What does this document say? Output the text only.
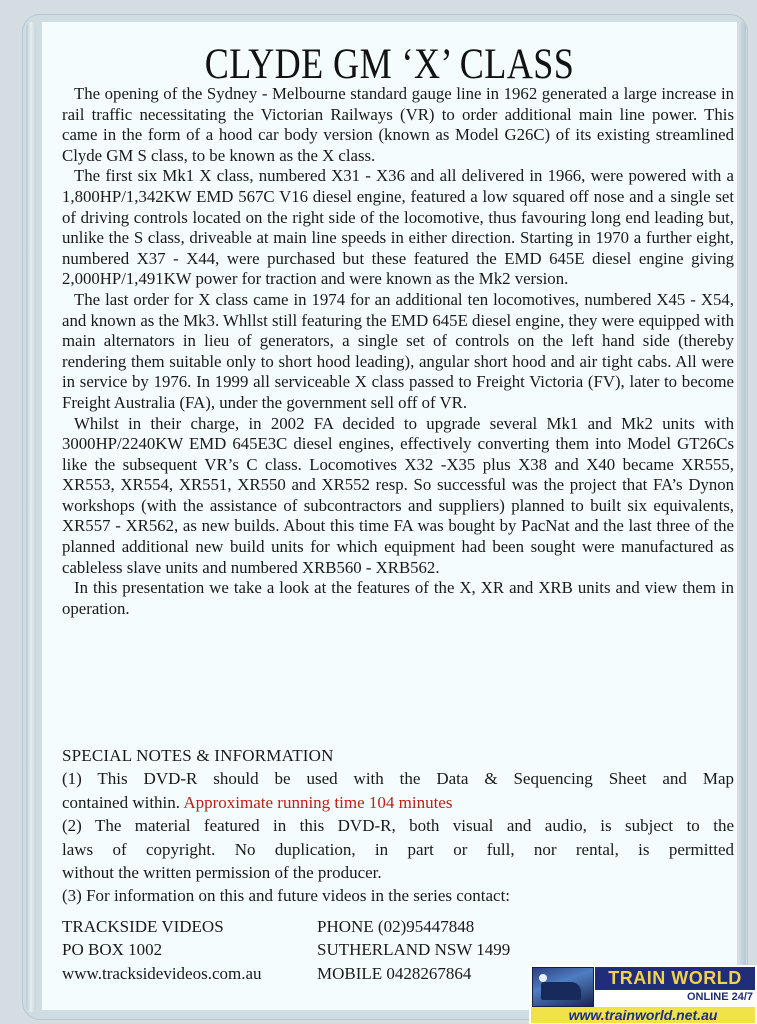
CLYDE GM ‘X’ CLASS

The opening of the Sydney - Melbourne standard gauge line in 1962 generated a large increase in rail traffic necessitating the Victorian Railways (VR) to order additional main line power. This came in the form of a hood car body version (known as Model G26C) of its existing streamlined Clyde GM S class, to be known as the X class.

The first six Mk1 X class, numbered X31 - X36 and all delivered in 1966, were powered with a 1,800HP/1,342KW EMD 567C V16 diesel engine, featured a low squared off nose and a single set of driving controls located on the right side of the locomotive, thus favouring long end leading but, unlike the S class, driveable at main line speeds in either direction. Starting in 1970 a further eight, numbered X37 - X44, were purchased but these featured the EMD 645E diesel engine giving 2,000HP/1,491KW power for traction and were known as the Mk2 version.

The last order for X class came in 1974 for an additional ten locomotives, numbered X45 - X54, and known as the Mk3. Whllst still featuring the EMD 645E diesel engine, they were equipped with main alternators in lieu of generators, a single set of controls on the left hand side (thereby rendering them suitable only to short hood leading), angular short hood and air tight cabs. All were in service by 1976. In 1999 all serviceable X class passed to Freight Victoria (FV), later to become Freight Australia (FA), under the government sell off of VR.

Whilst in their charge, in 2002 FA decided to upgrade several Mk1 and Mk2 units with 3000HP/2240KW EMD 645E3C diesel engines, effectively converting them into Model GT26Cs like the subsequent VR’s C class. Locomotives X32 -X35 plus X38 and X40 became XR555, XR553, XR554, XR551, XR550 and XR552 resp. So successful was the project that FA’s Dynon workshops (with the assistance of subcontractors and suppliers) planned to built six equivalents, XR557 - XR562, as new builds. About this time FA was bought by PacNat and the last three of the planned additional new build units for which equipment had been sought were manufactured as cableless slave units and numbered XRB560 - XRB562.

In this presentation we take a look at the features of the X, XR and XRB units and view them in operation.

SPECIAL NOTES & INFORMATION
(1) This DVD-R should be used with the Data & Sequencing Sheet and Map
contained within. Approximate running time 104 minutes
(2) The material featured in this DVD-R, both visual and audio, is subject to the
laws of copyright. No duplication, in part or full, nor rental, is permitted
without the written permission of the producer.
(3) For information on this and future videos in the series contact:
TRACKSIDE VIDEOS	PHONE (02)95447848
PO BOX 1002	SUTHERLAND NSW 1499
www.tracksidevideos.com.au	MOBILE 0428267864	TRAIN WORLD
ONLINE 24/7
www.trainworld.net.au
